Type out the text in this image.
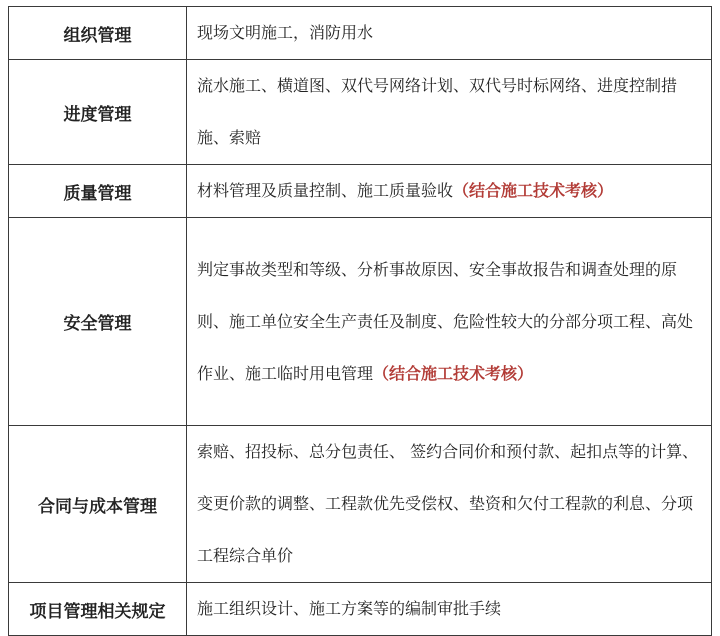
组织管理	现场文明施工，消防用水
进度管理	流水施工、横道图、双代号网络计划、双代号时标网络、进度控制措施、索赔
质量管理	材料管理及质量控制、施工质量验收（结合施工技术考核）
安全管理	判定事故类型和等级、分析事故原因、安全事故报告和调查处理的原则、施工单位安全生产责任及制度、危险性较大的分部分项工程、高处作业、施工临时用电管理（结合施工技术考核）
合同与成本管理	索赔、招投标、总分包责任、 签约合同价和预付款、起扣点等的计算、变更价款的调整、工程款优先受偿权、垫资和欠付工程款的利息、分项工程综合单价
项目管理相关规定	施工组织设计、施工方案等的编制审批手续
